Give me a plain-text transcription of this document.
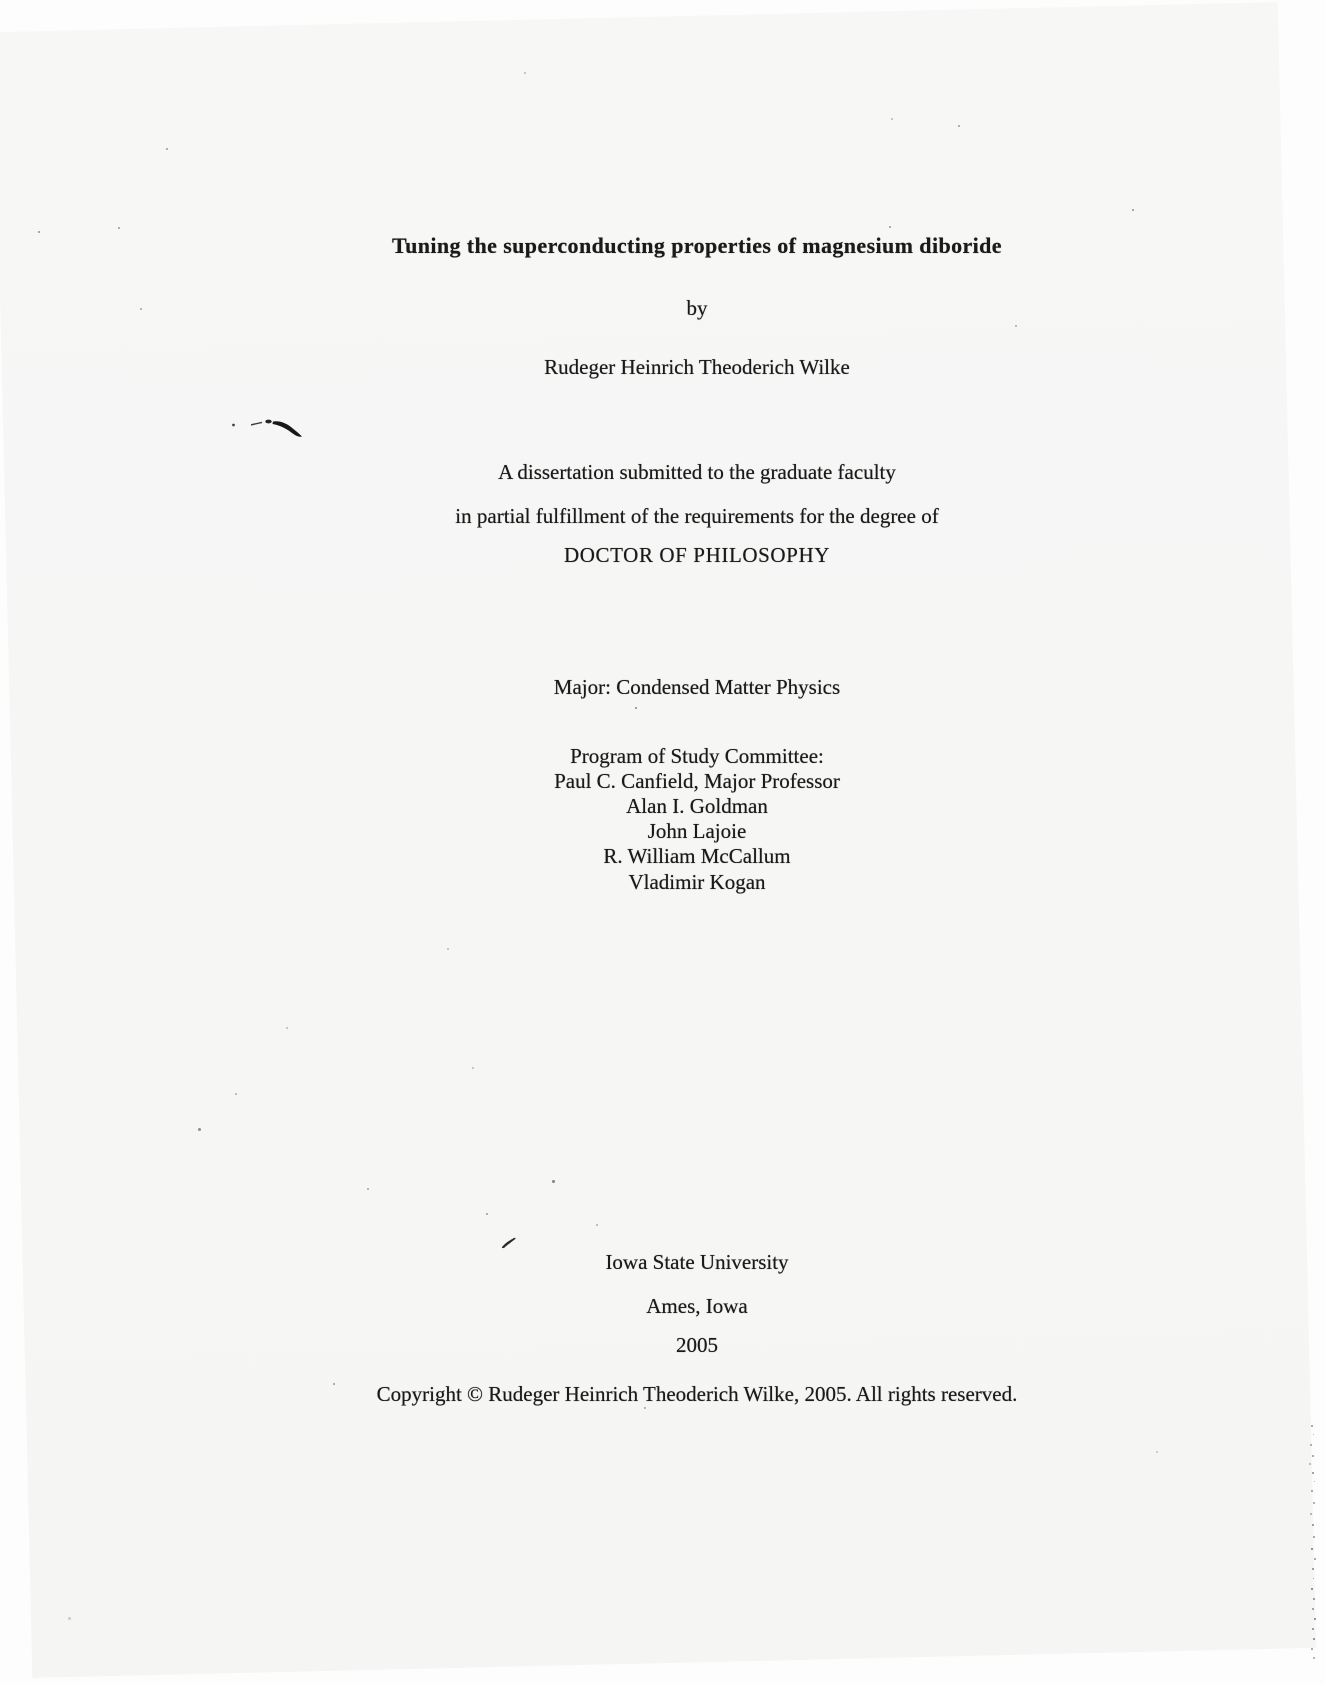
Tuning the superconducting properties of magnesium diboride
by
Rudeger Heinrich Theoderich Wilke
A dissertation submitted to the graduate faculty
in partial fulfillment of the requirements for the degree of
DOCTOR OF PHILOSOPHY
Major: Condensed Matter Physics
Program of Study Committee:
Paul C. Canfield, Major Professor
Alan I. Goldman
John Lajoie
R. William McCallum
Vladimir Kogan
Iowa State University
Ames, Iowa
2005
Copyright © Rudeger Heinrich Theoderich Wilke, 2005. All rights reserved.
